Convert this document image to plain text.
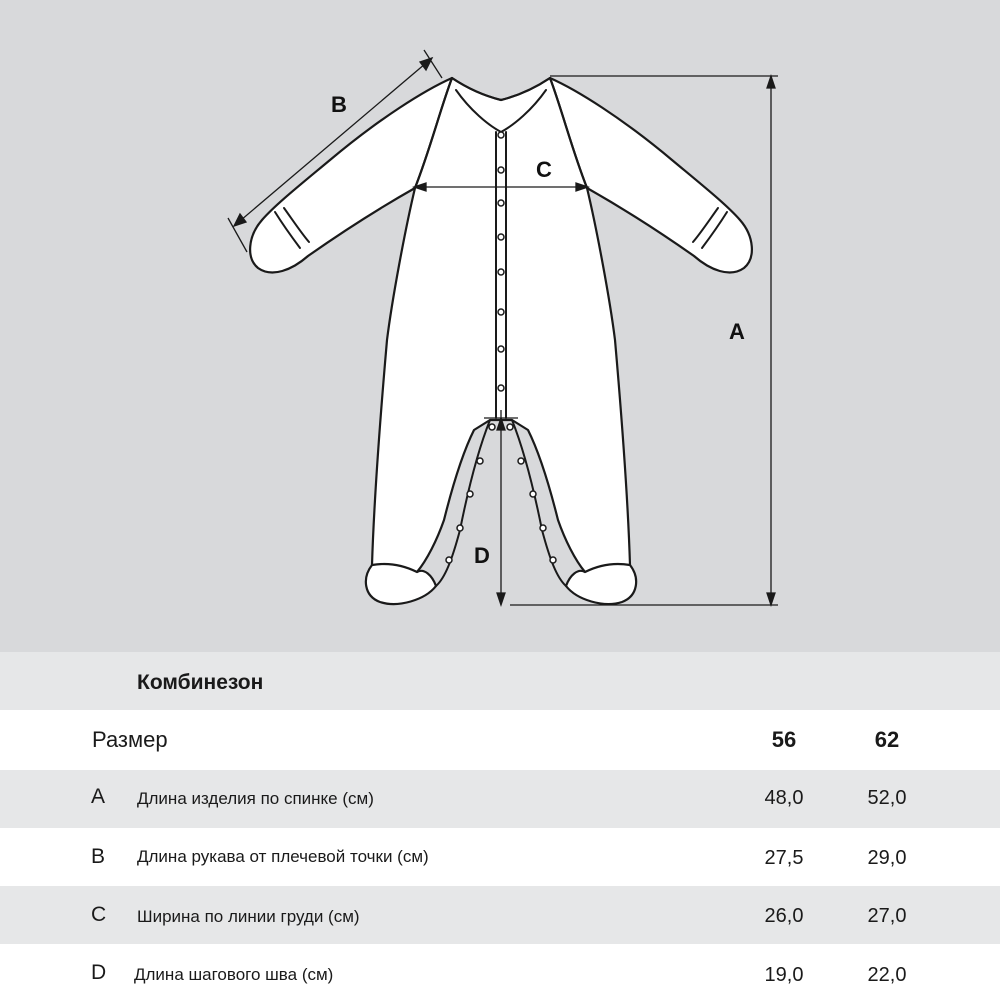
B
C
A
D
Комбинезон
Размер	56	62
A Длина изделия по спинке (см)	48,0	52,0
B Длина рукава от плечевой точки (см)	27,5	29,0
C Ширина по линии груди (см)	26,0	27,0
D Длина шагового шва (см)	19,0	22,0
